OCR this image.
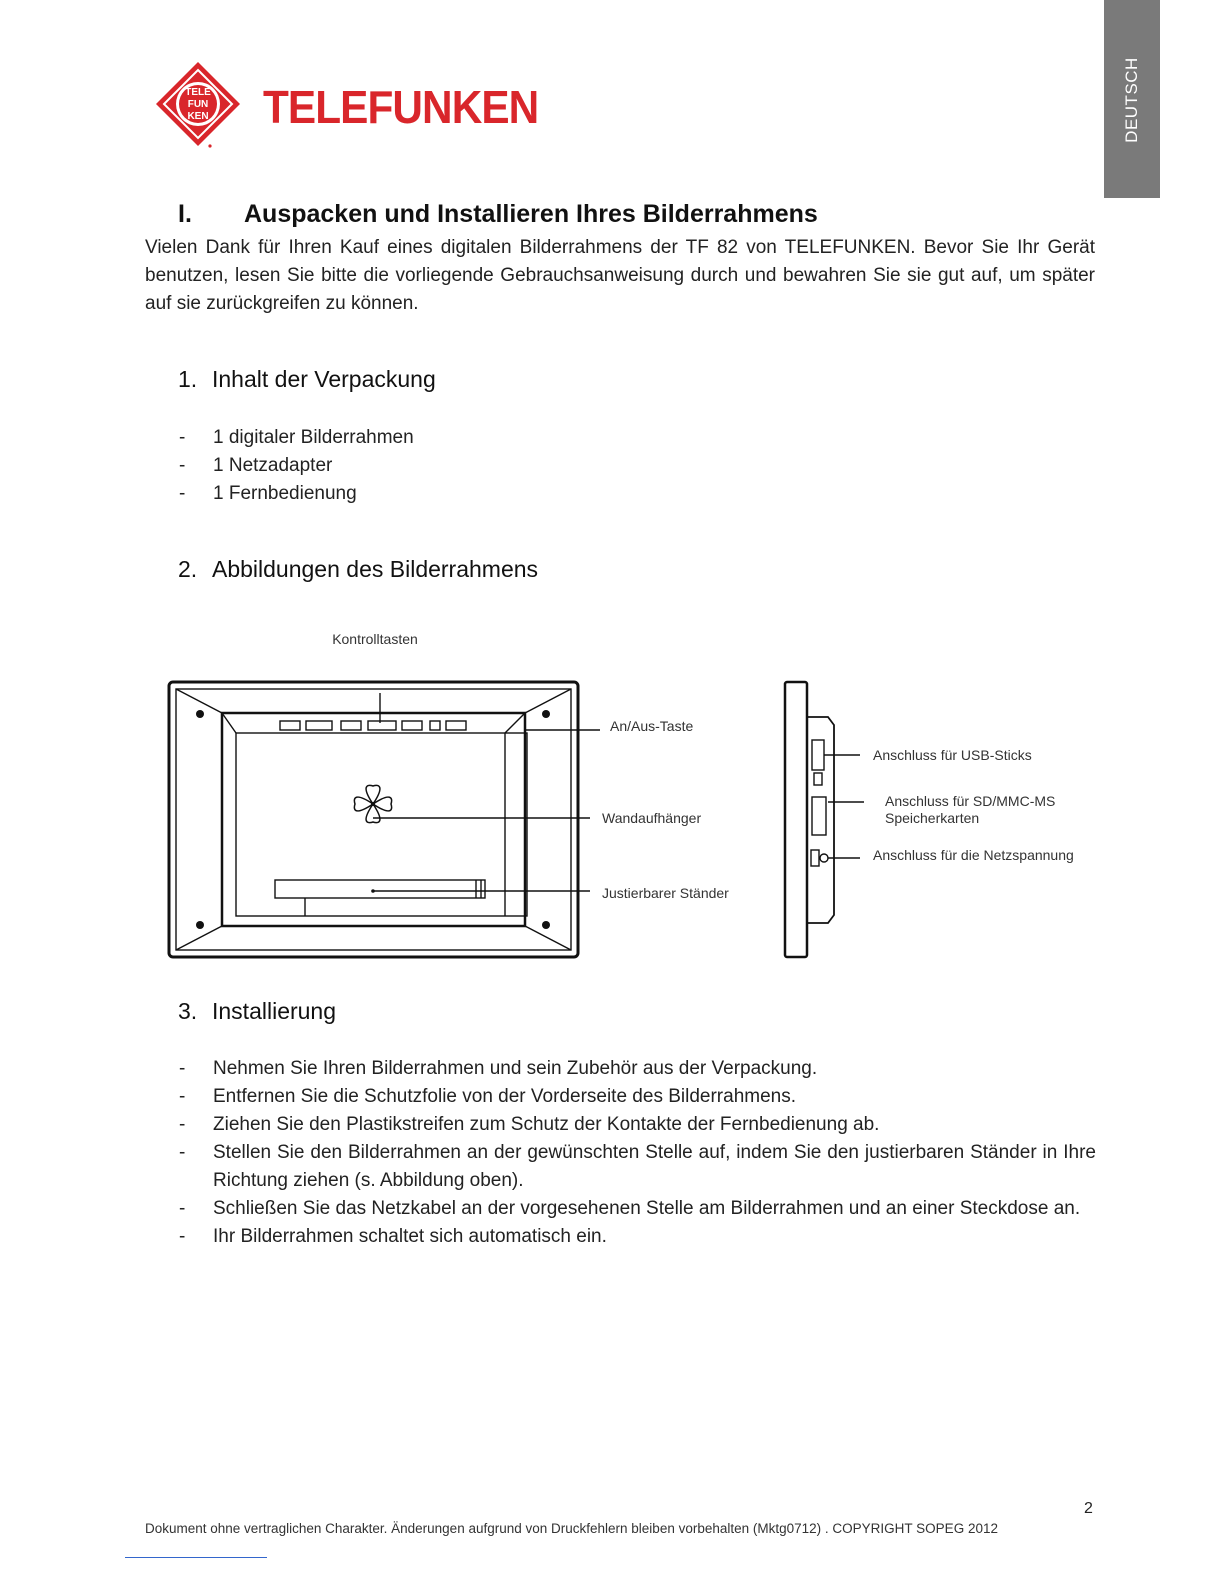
DEUTSCH
TELE
FUN
KEN TELEFUNKEN
I. Auspacken und Installieren Ihres Bilderrahmens
Vielen Dank für Ihren Kauf eines digitalen Bilderrahmens der TF 82 von TELEFUNKEN. Bevor Sie Ihr Gerät benutzen, lesen Sie bitte die vorliegende Gebrauchsanweisung durch und bewahren Sie sie gut auf, um später auf sie zurückgreifen zu können.
1. Inhalt der Verpackung
- 1 digitaler Bilderrahmen
- 1 Netzadapter
- 1 Fernbedienung
2. Abbildungen des Bilderrahmens
Kontrolltasten
An/Aus-Taste
Wandaufhänger
Justierbarer Ständer
Anschluss für USB-Sticks
Anschluss für SD/MMC-MS
Speicherkarten
Anschluss für die Netzspannung
3. Installierung
- Nehmen Sie Ihren Bilderrahmen und sein Zubehör aus der Verpackung.
- Entfernen Sie die Schutzfolie von der Vorderseite des Bilderrahmens.
- Ziehen Sie den Plastikstreifen zum Schutz der Kontakte der Fernbedienung ab.
- Stellen Sie den Bilderrahmen an der gewünschten Stelle auf, indem Sie den justierbaren Ständer in Ihre Richtung ziehen (s. Abbildung oben).
- Schließen Sie das Netzkabel an der vorgesehenen Stelle am Bilderrahmen und an einer Steckdose an.
- Ihr Bilderrahmen schaltet sich automatisch ein.
2
Dokument ohne vertraglichen Charakter. Änderungen aufgrund von Druckfehlern bleiben vorbehalten (Mktg0712) . COPYRIGHT SOPEG 2012
